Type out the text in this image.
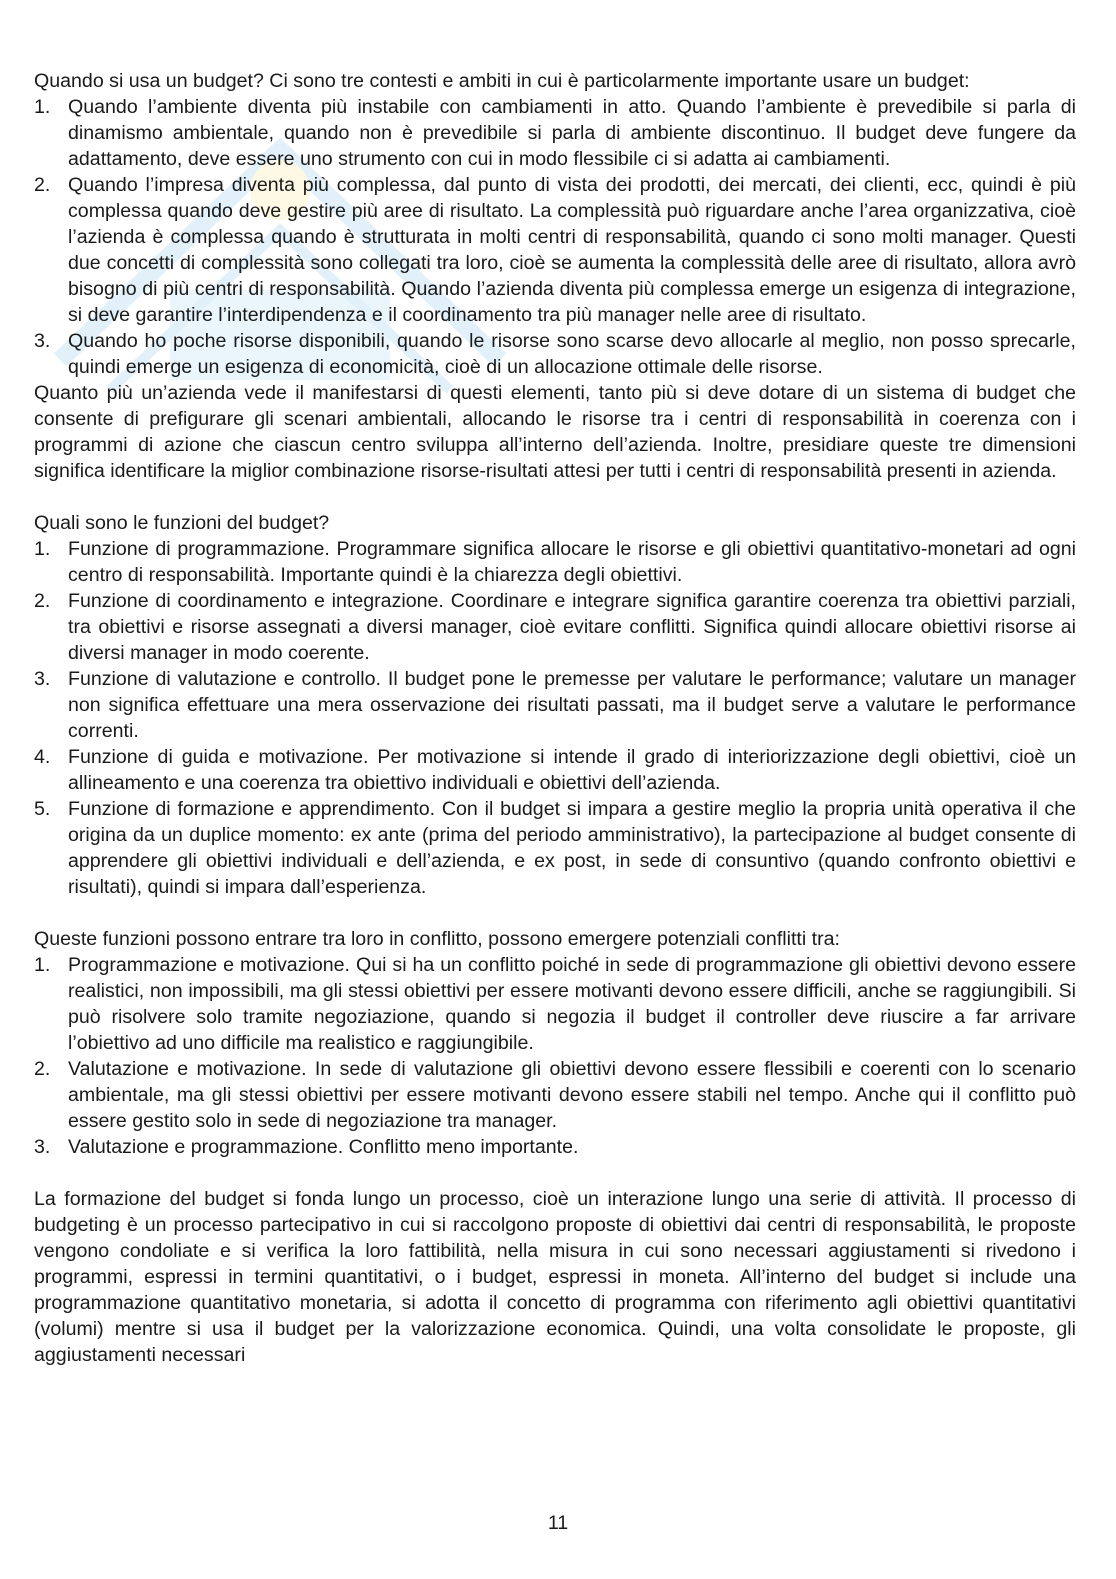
Quando si usa un budget? Ci sono tre contesti e ambiti in cui è particolarmente importante usare un budget:

1. Quando l’ambiente diventa più instabile con cambiamenti in atto. Quando l’ambiente è prevedibile si parla di dinamismo ambientale, quando non è prevedibile si parla di ambiente discontinuo. Il budget deve fungere da adattamento, deve essere uno strumento con cui in modo flessibile ci si adatta ai cambiamenti.
2. Quando l’impresa diventa più complessa, dal punto di vista dei prodotti, dei mercati, dei clienti, ecc, quindi è più complessa quando deve gestire più aree di risultato. La complessità può riguardare anche l’area organizzativa, cioè l’azienda è complessa quando è strutturata in molti centri di responsabilità, quando ci sono molti manager. Questi due concetti di complessità sono collegati tra loro, cioè se aumenta la complessità delle aree di risultato, allora avrò bisogno di più centri di responsabilità. Quando l’azienda diventa più complessa emerge un esigenza di integrazione, si deve garantire l’interdipendenza e il coordinamento tra più manager nelle aree di risultato.
3. Quando ho poche risorse disponibili, quando le risorse sono scarse devo allocarle al meglio, non posso sprecarle, quindi emerge un esigenza di economicità, cioè di un allocazione ottimale delle risorse.

Quanto più un’azienda vede il manifestarsi di questi elementi, tanto più si deve dotare di un sistema di budget che consente di prefigurare gli scenari ambientali, allocando le risorse tra i centri di responsabilità in coerenza con i programmi di azione che ciascun centro sviluppa all’interno dell’azienda. Inoltre, presidiare queste tre dimensioni significa identificare la miglior combinazione risorse-risultati attesi per tutti i centri di responsabilità presenti in azienda.

Quali sono le funzioni del budget?

1. Funzione di programmazione. Programmare significa allocare le risorse e gli obiettivi quantitativo-monetari ad ogni centro di responsabilità. Importante quindi è la chiarezza degli obiettivi.
2. Funzione di coordinamento e integrazione. Coordinare e integrare significa garantire coerenza tra obiettivi parziali, tra obiettivi e risorse assegnati a diversi manager, cioè evitare conflitti. Significa quindi allocare obiettivi risorse ai diversi manager in modo coerente.
3. Funzione di valutazione e controllo. Il budget pone le premesse per valutare le performance; valutare un manager non significa effettuare una mera osservazione dei risultati passati, ma il budget serve a valutare le performance correnti.
4. Funzione di guida e motivazione. Per motivazione si intende il grado di interiorizzazione degli obiettivi, cioè un allineamento e una coerenza tra obiettivo individuali e obiettivi dell’azienda.
5. Funzione di formazione e apprendimento. Con il budget si impara a gestire meglio la propria unità operativa il che origina da un duplice momento: ex ante (prima del periodo amministrativo), la partecipazione al budget consente di apprendere gli obiettivi individuali e dell’azienda, e ex post, in sede di consuntivo (quando confronto obiettivi e risultati), quindi si impara dall’esperienza.

Queste funzioni possono entrare tra loro in conflitto, possono emergere potenziali conflitti tra:

1. Programmazione e motivazione. Qui si ha un conflitto poiché in sede di programmazione gli obiettivi devono essere realistici, non impossibili, ma gli stessi obiettivi per essere motivanti devono essere difficili, anche se raggiungibili. Si può risolvere solo tramite negoziazione, quando si negozia il budget il controller deve riuscire a far arrivare l’obiettivo ad uno difficile ma realistico e raggiungibile.
2. Valutazione e motivazione. In sede di valutazione gli obiettivi devono essere flessibili e coerenti con lo scenario ambientale, ma gli stessi obiettivi per essere motivanti devono essere stabili nel tempo. Anche qui il conflitto può essere gestito solo in sede di negoziazione tra manager.
3. Valutazione e programmazione. Conflitto meno importante.

La formazione del budget si fonda lungo un processo, cioè un interazione lungo una serie di attività. Il processo di budgeting è un processo partecipativo in cui si raccolgono proposte di obiettivi dai centri di responsabilità, le proposte vengono condoliate e si verifica la loro fattibilità, nella misura in cui sono necessari aggiustamenti si rivedono i programmi, espressi in termini quantitativi, o i budget, espressi in moneta. All’interno del budget si include una programmazione quantitativo monetaria, si adotta il concetto di programma con riferimento agli obiettivi quantitativi (volumi) mentre si usa il budget per la valorizzazione economica. Quindi, una volta consolidate le proposte, gli aggiustamenti necessari

11
